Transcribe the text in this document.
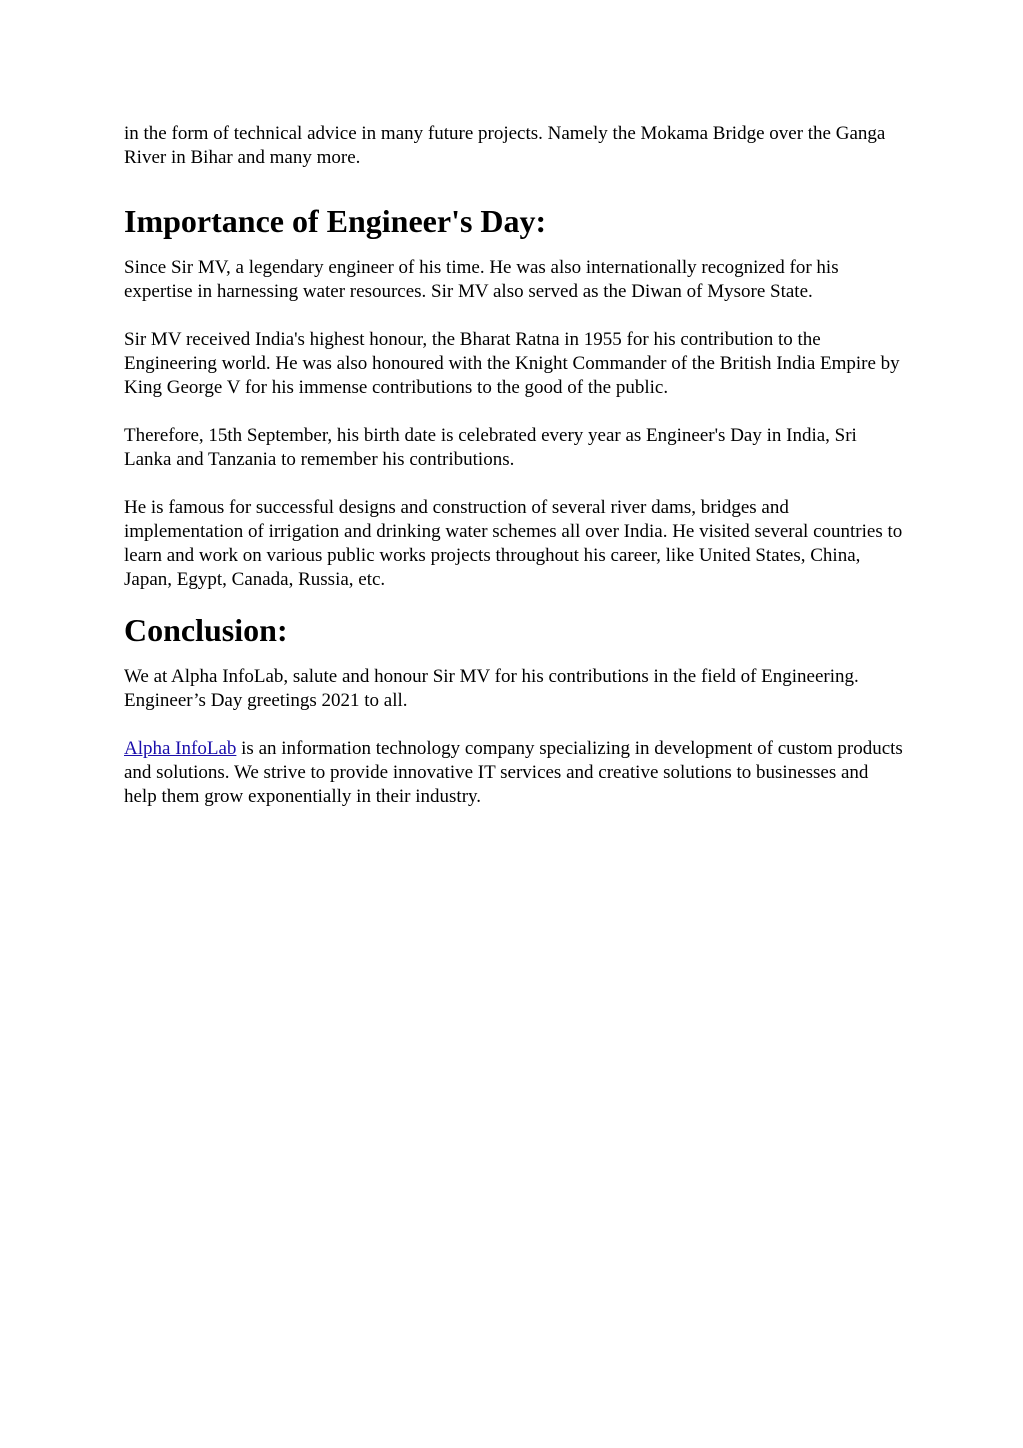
in the form of technical advice in many future projects. Namely the Mokama Bridge over the Ganga River in Bihar and many more.

Importance of Engineer's Day:

Since Sir MV, a legendary engineer of his time. He was also internationally recognized for his expertise in harnessing water resources. Sir MV also served as the Diwan of Mysore State.

Sir MV received India's highest honour, the Bharat Ratna in 1955 for his contribution to the Engineering world. He was also honoured with the Knight Commander of the British India Empire by King George V for his immense contributions to the good of the public.

Therefore, 15th September, his birth date is celebrated every year as Engineer's Day in India, Sri Lanka and Tanzania to remember his contributions.

He is famous for successful designs and construction of several river dams, bridges and implementation of irrigation and drinking water schemes all over India. He visited several countries to learn and work on various public works projects throughout his career, like United States, China, Japan, Egypt, Canada, Russia, etc.

Conclusion:

We at Alpha InfoLab, salute and honour Sir MV for his contributions in the field of Engineering. Engineer’s Day greetings 2021 to all.

Alpha InfoLab is an information technology company specializing in development of custom products and solutions. We strive to provide innovative IT services and creative solutions to businesses and help them grow exponentially in their industry.
